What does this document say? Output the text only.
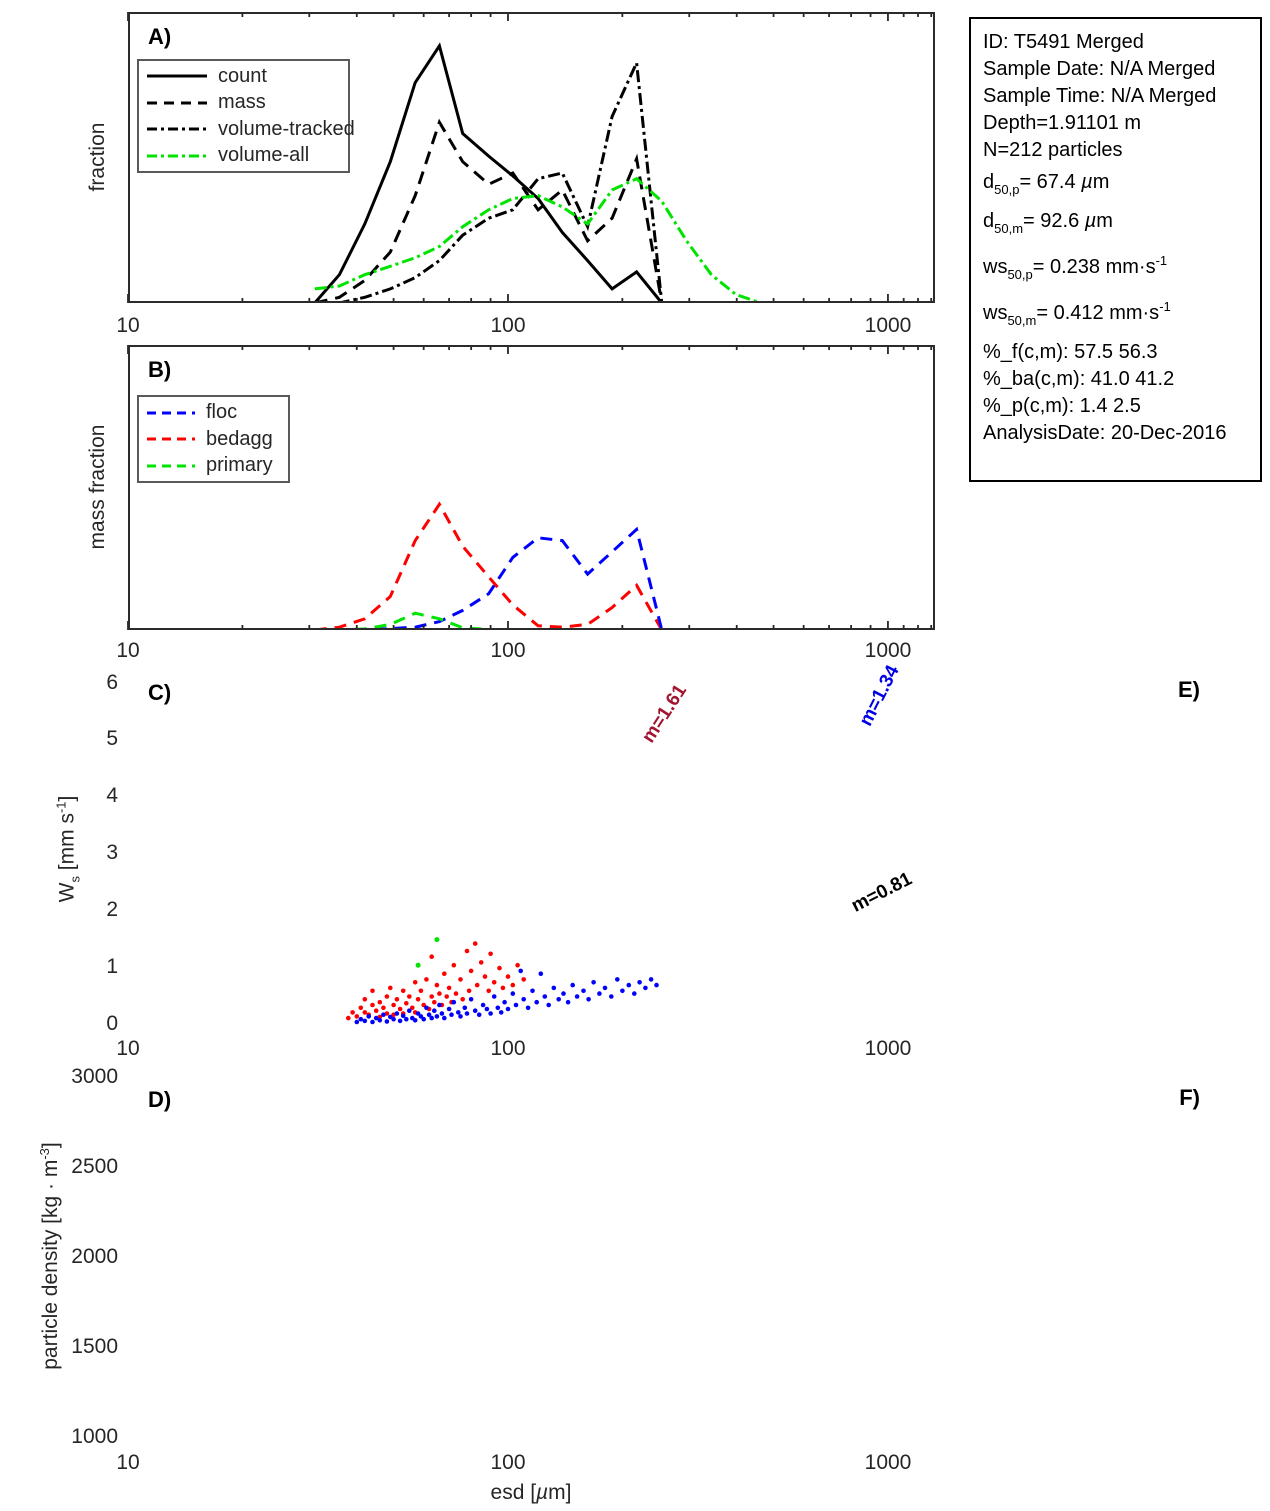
A)
B)
C)
D)
E)
F)
10	100	1000
10	100	1000
10	100	1000
10	100	1000
0
1
2
3
4
5
6
1000
1500
2000
2500
3000
fraction
mass fraction
$W_s$ [mm $s^{-1}$]
particle density $[kg \cdot m^{-3}]$
esd [µm]
m=1.61	m=1.34
m=0.81
count
mass
volume-tracked
volume-all
floc
bedagg
primary
ID: T5491 Merged
Sample Date: N/A Merged
Sample Time: N/A Merged
Depth=1.91101 m
N=212 particles
$d_{50,p}= 67.4$ µm
$d_{50,m}= 92.6$ µm
$ws_{50,p}= 0.238$ $mm\cdot s^{-1}$
$ws_{50,m}= 0.412$ $mm\cdot s^{-1}$
%_f(c,m): 57.5 56.3
%_ba(c,m): 41.0 41.2
%_p(c,m): 1.4 2.5
AnalysisDate: 20-Dec-2016
